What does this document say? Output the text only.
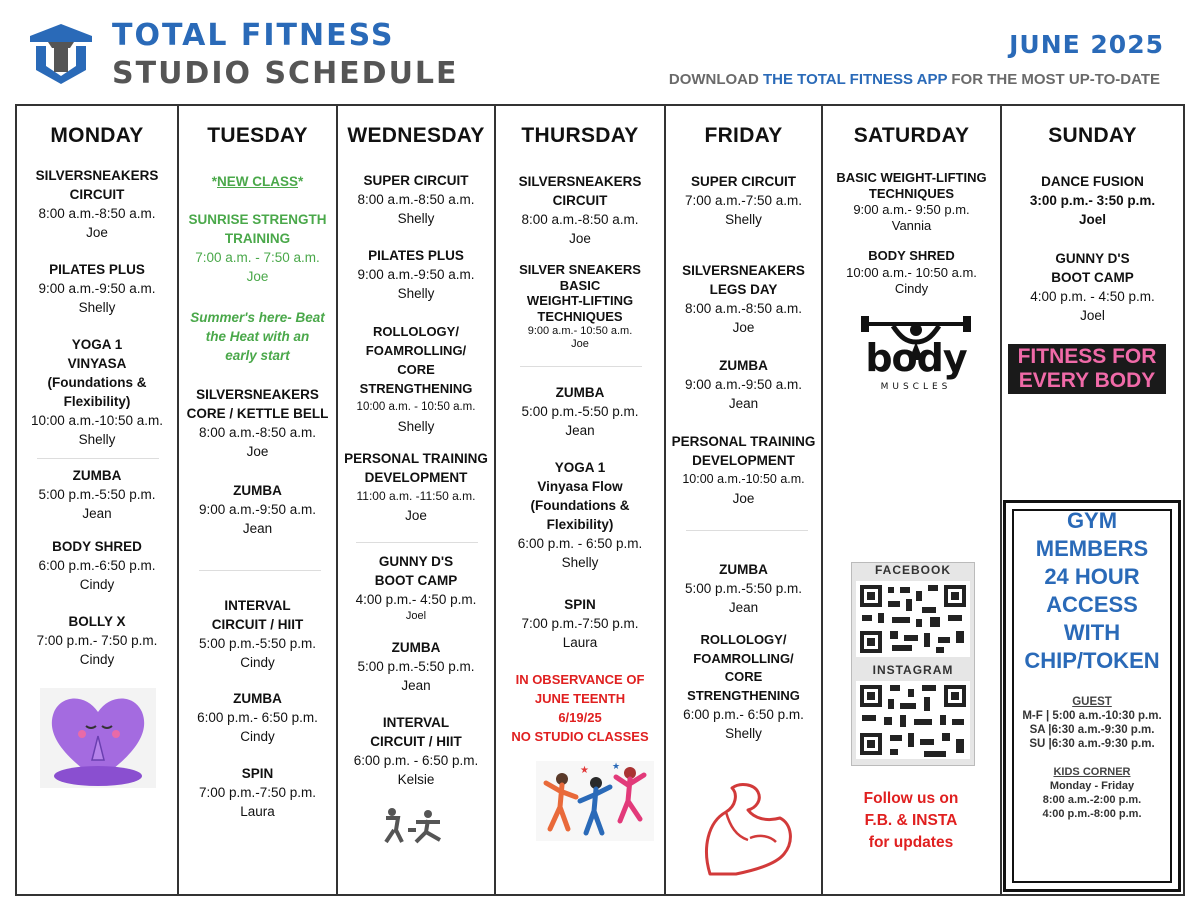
TOTAL FITNESS
STUDIO SCHEDULE
JUNE 2025
DOWNLOAD THE TOTAL FITNESS APP FOR THE MOST UP-TO-DATE
MONDAY
SILVERSNEAKERS
CIRCUIT
8:00 a.m.-8:50 a.m.
Joe
PILATES PLUS
9:00 a.m.-9:50 a.m.
Shelly
YOGA 1
VINYASA
(Foundations &
Flexibility)
10:00 a.m.-10:50 a.m.
Shelly
ZUMBA
5:00 p.m.-5:50 p.m.
Jean
BODY SHRED
6:00 p.m.-6:50 p.m.
Cindy
BOLLY X
7:00 p.m.- 7:50 p.m.
Cindy
TUESDAY
*NEW CLASS*
SUNRISE STRENGTH
TRAINING
7:00 a.m. - 7:50 a.m.
Joe
Summer's here- Beat
the Heat with an
early start
SILVERSNEAKERS
CORE / KETTLE BELL
8:00 a.m.-8:50 a.m.
Joe
ZUMBA
9:00 a.m.-9:50 a.m.
Jean
INTERVAL
CIRCUIT / HIIT
5:00 p.m.-5:50 p.m.
Cindy
ZUMBA
6:00 p.m.- 6:50 p.m.
Cindy
SPIN
7:00 p.m.-7:50 p.m.
Laura
WEDNESDAY
SUPER CIRCUIT
8:00 a.m.-8:50 a.m.
Shelly
PILATES PLUS
9:00 a.m.-9:50 a.m.
Shelly
ROLLOLOGY/
FOAMROLLING/
CORE
STRENGTHENING
10:00 a.m. - 10:50 a.m.
Shelly
PERSONAL TRAINING
DEVELOPMENT
11:00 a.m. -11:50 a.m.
Joe
GUNNY D'S
BOOT CAMP
4:00 p.m.- 4:50 p.m.
Joel
ZUMBA
5:00 p.m.-5:50 p.m.
Jean
INTERVAL
CIRCUIT / HIIT
6:00 p.m. - 6:50 p.m.
Kelsie
THURSDAY
SILVERSNEAKERS
CIRCUIT
8:00 a.m.-8:50 a.m.
Joe
SILVER SNEAKERS
BASIC
WEIGHT-LIFTING
TECHNIQUES
9:00 a.m.- 10:50 a.m.
Joe
ZUMBA
5:00 p.m.-5:50 p.m.
Jean
YOGA 1
Vinyasa Flow
(Foundations &
Flexibility)
6:00 p.m. - 6:50 p.m.
Shelly
SPIN
7:00 p.m.-7:50 p.m.
Laura
IN OBSERVANCE OF
JUNE TEENTH
6/19/25
NO STUDIO CLASSES
★	★
FRIDAY
SUPER CIRCUIT
7:00 a.m.-7:50 a.m.
Shelly
SILVERSNEAKERS
LEGS DAY
8:00 a.m.-8:50 a.m.
Joe
ZUMBA
9:00 a.m.-9:50 a.m.
Jean
PERSONAL TRAINING
DEVELOPMENT
10:00 a.m.-10:50 a.m.
Joe
ZUMBA
5:00 p.m.-5:50 p.m.
Jean
ROLLOLOGY/
FOAMROLLING/
CORE
STRENGTHENING
6:00 p.m.- 6:50 p.m.
Shelly
SATURDAY
BASIC WEIGHT-LIFTING
TECHNIQUES
9:00 a.m.- 9:50 p.m.
Vannia
BODY SHRED
10:00 a.m.- 10:50 a.m.
Cindy
body
MUSCLES
FACEBOOK
INSTAGRAM
SUNDAY
DANCE FUSION
3:00 p.m.- 3:50 p.m.
Joel
GUNNY D'S
BOOT CAMP
4:00 p.m. - 4:50 p.m.
Joel
FITNESS FOR
EVERY BODY
GYM
MEMBERS
24 HOUR
ACCESS
WITH
CHIP/TOKEN
GUEST
M-F | 5:00 a.m.-10:30 p.m.
SA |6:30 a.m.-9:30 p.m.
SU |6:30 a.m.-9:30 p.m.
KIDS CORNER
Monday - Friday
8:00 a.m.-2:00 p.m.
4:00 p.m.-8:00 p.m.
Follow us on
F.B. & INSTA
for updates
